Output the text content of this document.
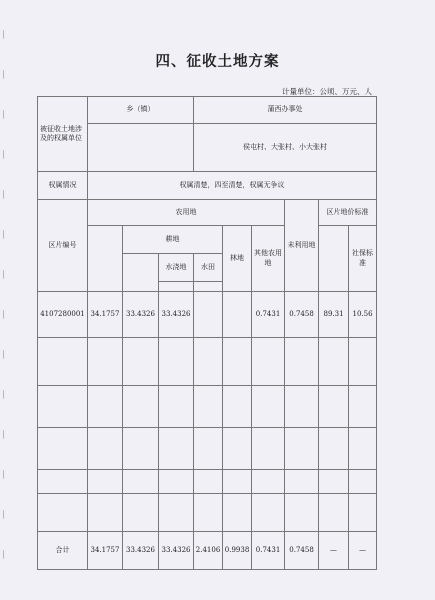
四、征收土地方案
计量单位：公顷、万元、人
被征收土地涉及的权属单位	乡（镇）			蒲西办事处					
				侯屯村、大张村、小大张村					
权属情况	权属清楚，四至清楚，权属无争议								
区片编号	农用地						未利用地	区片地价标准	
		耕地			林地	其他农用地			社保标准
			水浇地	水田					

4107280001	34.1757	33.4326	33.4326			0.7431	0.7458	89.31	10.56

合计	34.1757	33.4326	33.4326	2.4106	0.9938	0.7431	0.7458	—	—
